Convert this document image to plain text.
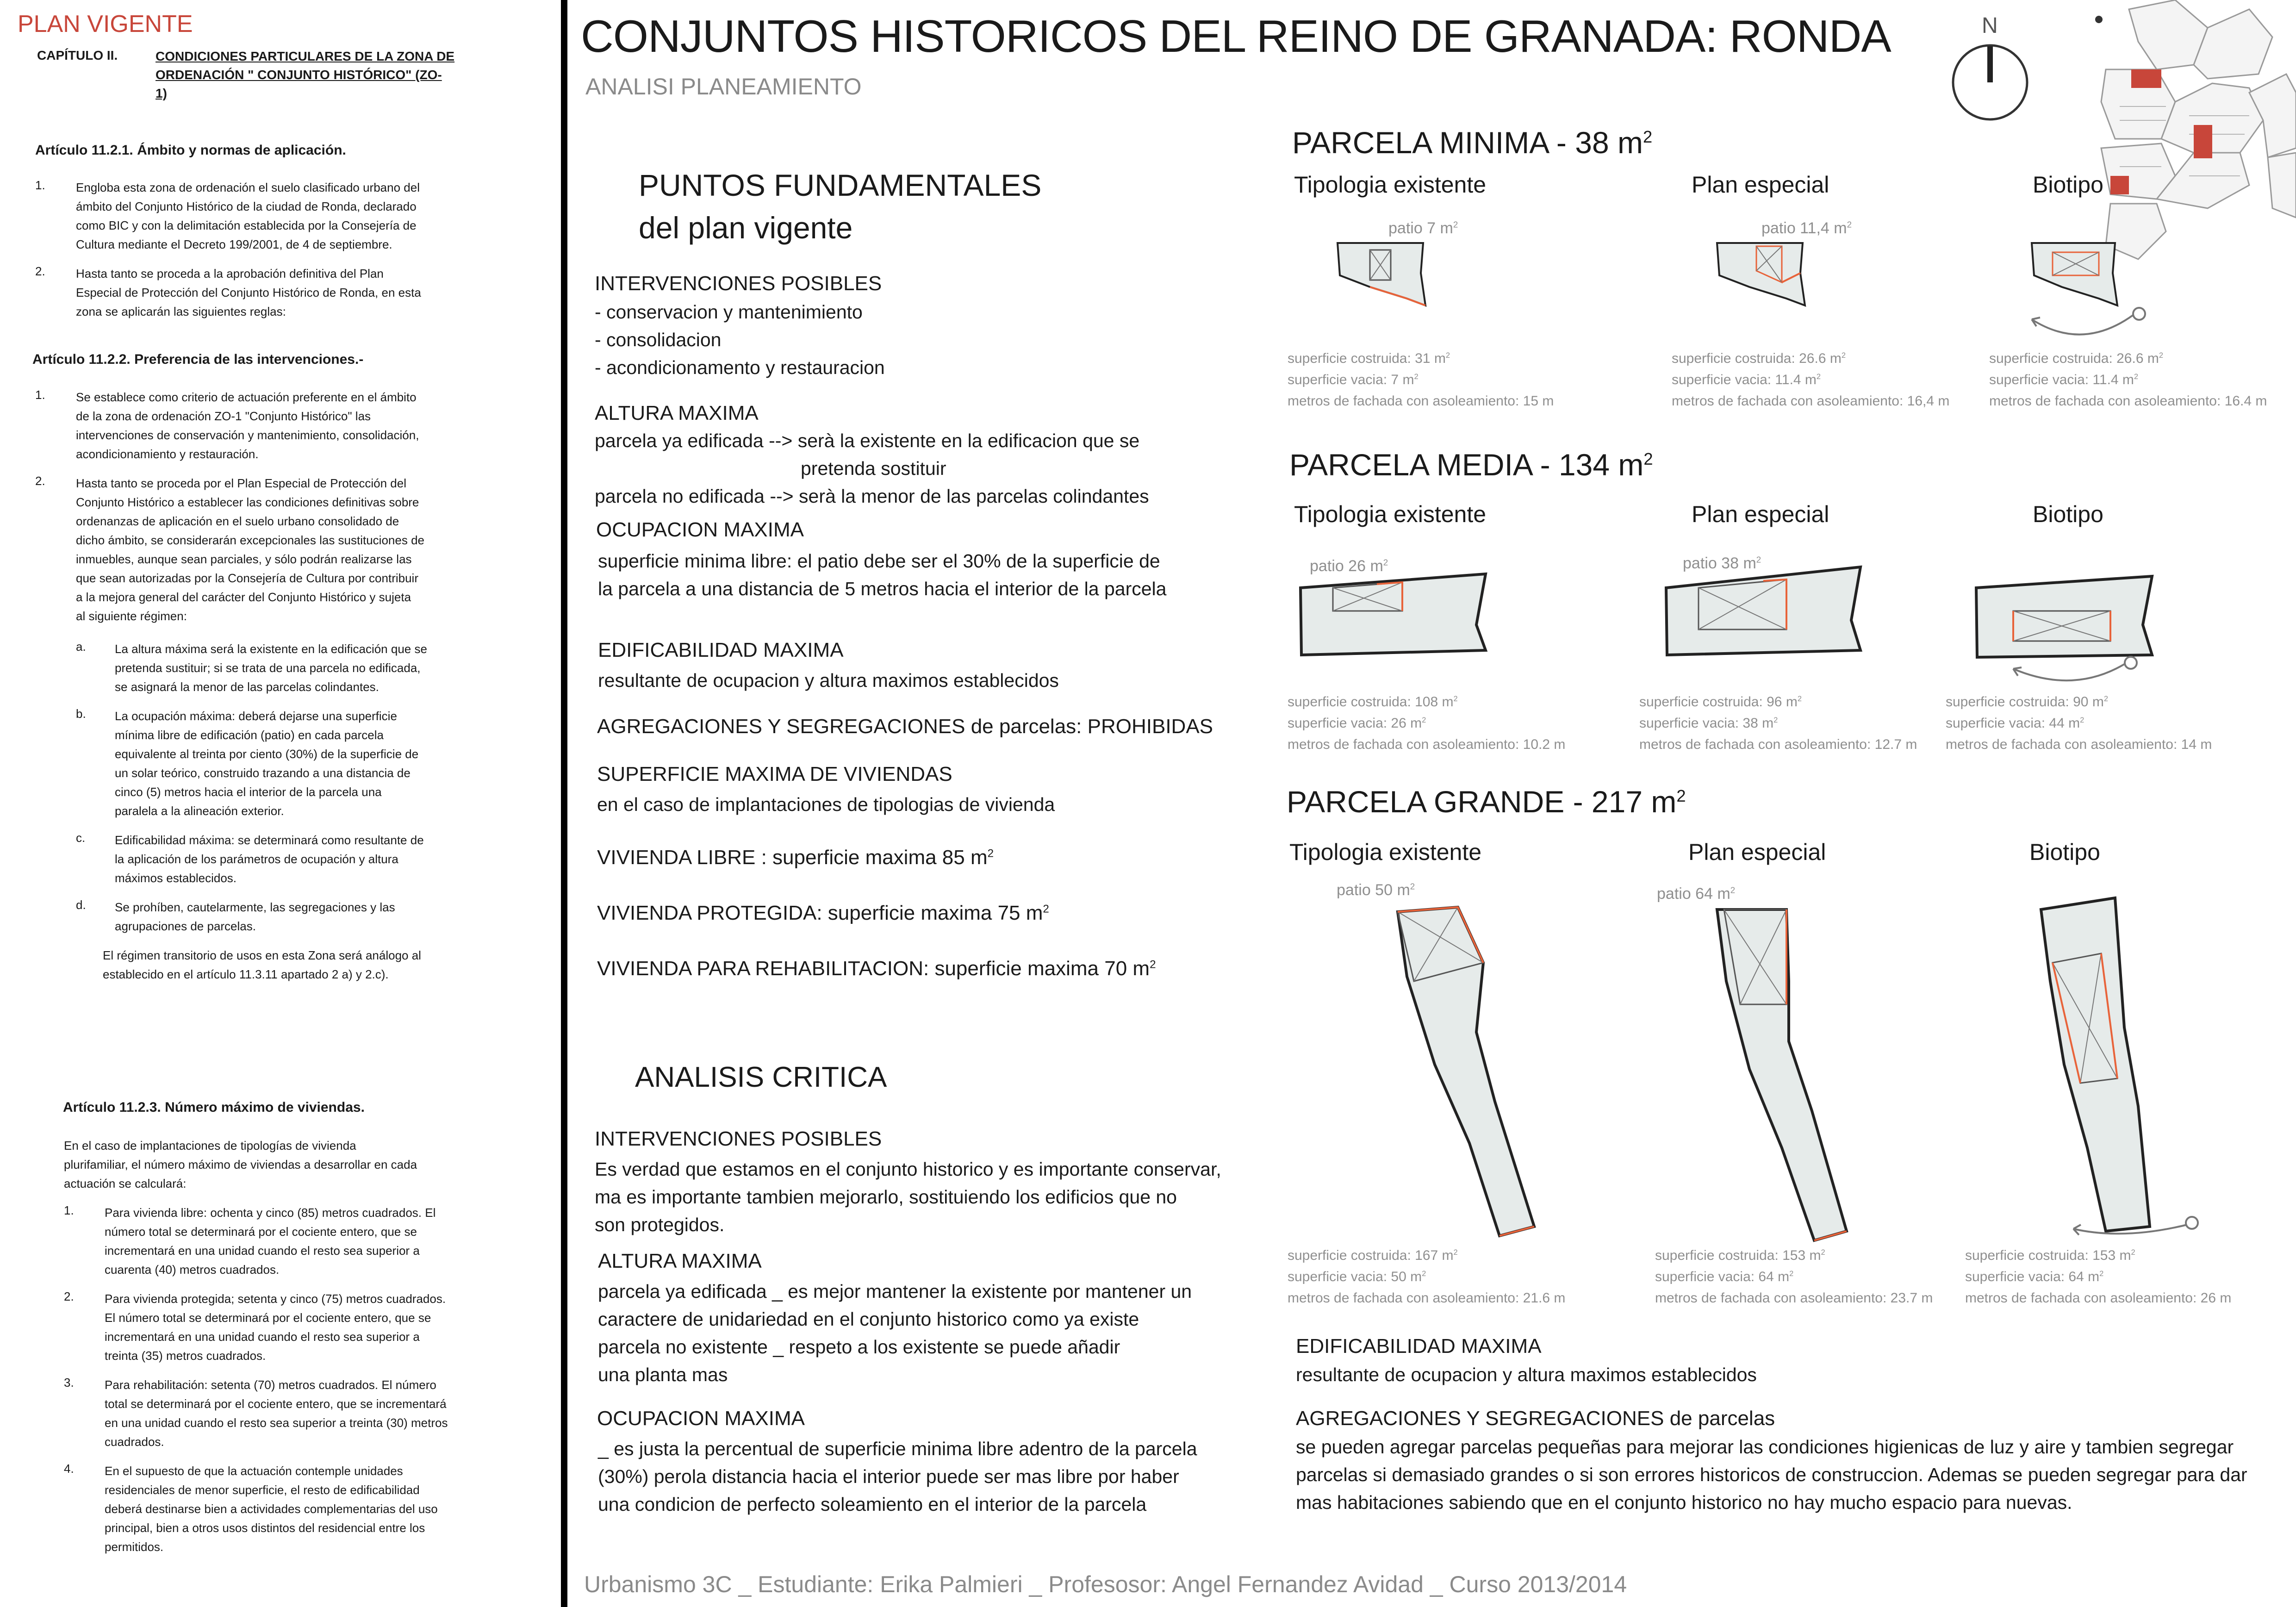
PLAN VIGENTE
CAPÍTULO II.	CONDICIONES PARTICULARES DE LA ZONA DE
ORDENACIÓN " CONJUNTO HISTÓRICO" (ZO-
1)
Artículo 11.2.1. Ámbito y normas de aplicación.
1.	Engloba esta zona de ordenación el suelo clasificado urbano del
ámbito del Conjunto Histórico de la ciudad de Ronda, declarado
como BIC y con la delimitación establecida por la Consejería de
Cultura mediante el Decreto 199/2001, de 4 de septiembre.
2.	Hasta tanto se proceda a la aprobación definitiva del Plan
Especial de Protección del Conjunto Histórico de Ronda, en esta
zona se aplicarán las siguientes reglas:
Artículo 11.2.2. Preferencia de las intervenciones.-
1.	Se establece como criterio de actuación preferente en el ámbito
de la zona de ordenación ZO-1 "Conjunto Histórico" las
intervenciones de conservación y mantenimiento, consolidación,
acondicionamiento y restauración.
2.	Hasta tanto se proceda por el Plan Especial de Protección del
Conjunto Histórico a establecer las condiciones definitivas sobre
ordenanzas de aplicación en el suelo urbano consolidado de
dicho ámbito, se considerarán excepcionales las sustituciones de
inmuebles, aunque sean parciales, y sólo podrán realizarse las
que sean autorizadas por la Consejería de Cultura por contribuir
a la mejora general del carácter del Conjunto Histórico y sujeta
al siguiente régimen:
a. La altura máxima será la existente en la edificación que se
pretenda sustituir; si se trata de una parcela no edificada,
se asignará la menor de las parcelas colindantes.
b. La ocupación máxima: deberá dejarse una superficie
mínima libre de edificación (patio) en cada parcela
equivalente al treinta por ciento (30%) de la superficie de
un solar teórico, construido trazando a una distancia de
cinco (5) metros hacia el interior de la parcela una
paralela a la alineación exterior.
c. Edificabilidad máxima: se determinará como resultante de
la aplicación de los parámetros de ocupación y altura
máximos establecidos.
d. Se prohíben, cautelarmente, las segregaciones y las
agrupaciones de parcelas.
El régimen transitorio de usos en esta Zona será análogo al
establecido en el artículo 11.3.11 apartado 2 a) y 2.c).
Artículo 11.2.3. Número máximo de viviendas.
En el caso de implantaciones de tipologías de vivienda
plurifamiliar, el número máximo de viviendas a desarrollar en cada
actuación se calculará:
1.	Para vivienda libre: ochenta y cinco (85) metros cuadrados. El
número total se determinará por el cociente entero, que se
incrementará en una unidad cuando el resto sea superior a
cuarenta (40) metros cuadrados.
2.	Para vivienda protegida; setenta y cinco (75) metros cuadrados.
El número total se determinará por el cociente entero, que se
incrementará en una unidad cuando el resto sea superior a
treinta (35) metros cuadrados.
3.	Para rehabilitación: setenta (70) metros cuadrados. El número
total se determinará por el cociente entero, que se incrementará
en una unidad cuando el resto sea superior a treinta (30) metros
cuadrados.
4.	En el supuesto de que la actuación contemple unidades
residenciales de menor superficie, el resto de edificabilidad
deberá destinarse bien a actividades complementarias del uso
principal, bien a otros usos distintos del residencial entre los
permitidos.
CONJUNTOS HISTORICOS DEL REINO DE GRANADA: RONDA
ANALISI PLANEAMIENTO
N
PUNTOS FUNDAMENTALES
del plan vigente
INTERVENCIONES POSIBLES
- conservacion y mantenimiento
- consolidacion
- acondicionamento y restauracion
ALTURA MAXIMA
parcela ya edificada --> serà la existente en la edificacion que se
pretenda sostituir
parcela no edificada --> serà la menor de las parcelas colindantes
OCUPACION MAXIMA
superficie minima libre: el patio debe ser el 30% de la superficie de
la parcela a una distancia de 5 metros hacia el interior de la parcela
EDIFICABILIDAD MAXIMA
resultante de ocupacion y altura maximos establecidos
AGREGACIONES Y SEGREGACIONES de parcelas: PROHIBIDAS
SUPERFICIE MAXIMA DE VIVIENDAS
en el caso de implantaciones de tipologias de vivienda
VIVIENDA LIBRE : superficie maxima 85 $m^2$
VIVIENDA PROTEGIDA: superficie maxima 75 $m^2$
VIVIENDA PARA REHABILITACION: superficie maxima 70 $m^2$
ANALISIS CRITICA
INTERVENCIONES POSIBLES
Es verdad que estamos en el conjunto historico y es importante conservar,
ma es importante tambien mejorarlo, sostituiendo los edificios que no
son protegidos.
ALTURA MAXIMA
parcela ya edificada _ es mejor mantener la existente por mantener un
caractere de unidariedad en el conjunto historico como ya existe
parcela no existente _ respeto a los existente se puede añadir
una planta mas
OCUPACION MAXIMA
_ es justa la percentual de superficie minima libre adentro de la parcela
(30%) perola distancia hacia el interior puede ser mas libre por haber
una condicion de perfecto soleamiento en el interior de la parcela
PARCELA MINIMA - 38 $m^2$
Tipologia existente	Plan especial	Biotipo
patio 7 $m^2$	patio 11,4 $m^2$
superficie costruida: 31 $m^2$
superficie vacia: 7 $m^2$
metros de fachada con asoleamiento: 15 m
superficie costruida: 26.6 $m^2$
superficie vacia: 11.4 $m^2$
metros de fachada con asoleamiento: 16,4 m
superficie costruida: 26.6 $m^2$
superficie vacia: 11.4 $m^2$
metros de fachada con asoleamiento: 16.4 m
PARCELA MEDIA - 134 $m^2$
Tipologia existente	Plan especial	Biotipo
patio 26 $m^2$	patio 38 $m^2$
superficie costruida: 108 $m^2$
superficie vacia: 26 $m^2$
metros de fachada con asoleamiento: 10.2 m
superficie costruida: 96 $m^2$
superficie vacia: 38 $m^2$
metros de fachada con asoleamiento: 12.7 m
superficie costruida: 90 $m^2$
superficie vacia: 44 $m^2$
metros de fachada con asoleamiento: 14 m
PARCELA GRANDE - 217 $m^2$
Tipologia existente	Plan especial	Biotipo
patio 50 $m^2$	patio 64 $m^2$
superficie costruida: 167 $m^2$
superficie vacia: 50 $m^2$
metros de fachada con asoleamiento: 21.6 m
superficie costruida: 153 $m^2$
superficie vacia: 64 $m^2$
metros de fachada con asoleamiento: 23.7 m
superficie costruida: 153 $m^2$
superficie vacia: 64 $m^2$
metros de fachada con asoleamiento: 26 m
EDIFICABILIDAD MAXIMA
resultante de ocupacion y altura maximos establecidos
AGREGACIONES Y SEGREGACIONES de parcelas
se pueden agregar parcelas pequeñas para mejorar las condiciones higienicas de luz y aire y tambien segregar
parcelas si demasiado grandes o si son errores historicos de construccion. Ademas se pueden segregar para dar
mas habitaciones sabiendo que en el conjunto historico no hay mucho espacio para nuevas.
Urbanismo 3C _ Estudiante: Erika Palmieri _ Profesosor: Angel Fernandez Avidad _ Curso 2013/2014
